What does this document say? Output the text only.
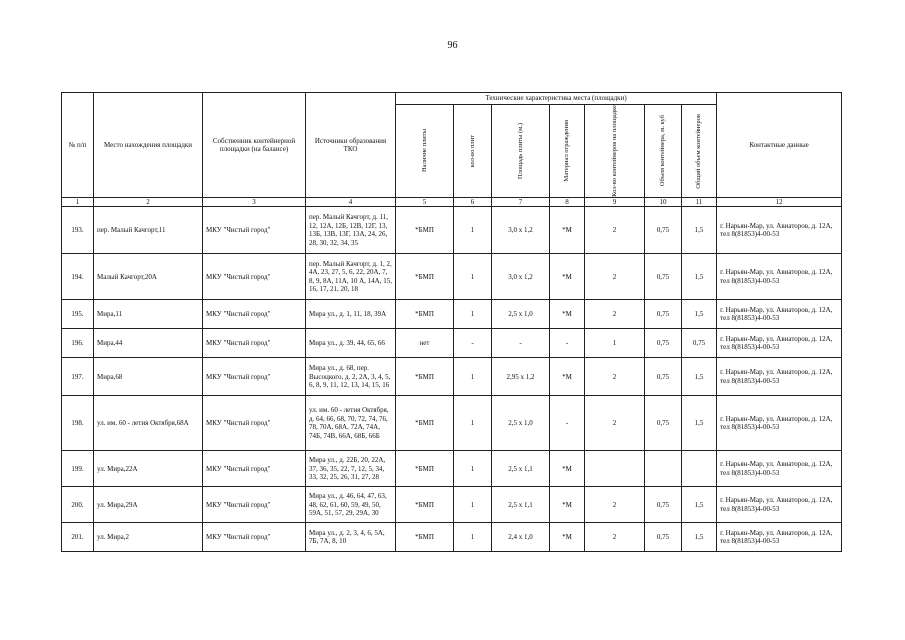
96
№ п/п	Место нахождения площадки	Собственник контейнерной площадки (на балансе)	Источники образования ТКО	Технические характеристика места (площадки)							Контактные данные

				Наличие плиты	кол-во плит	Площадь плиты (м.)	Материал ограждения	Кол-во контейнеров на площадке	Объем контейнера, м. куб	Общий объем контейнеров	

1	2	3	4	5	6	7	8	9	10	11	12
193.	пер. Малый Качгорт,11	МКУ "Чистый город"	пер. Малый Качгорт, д. 11, 12, 12А, 12Б, 12В, 12Г, 13, 13Б, 13В, 13Г, 13А, 24, 26, 28, 30, 32, 34, 35	*БМП	1	3,0 х 1,2	*М	2	0,75	1,5	г. Нарьян-Мар, ул. Авиаторов, д. 12А, тел 8(81853)4-00-53
194.	Малый Качгорт,20А	МКУ "Чистый город"	пер. Малый Качгорт, д. 1, 2, 4А, 23, 27, 5, 6, 22, 20А, 7, 8, 9, 8А, 11А, 10 А, 14А, 15, 16, 17, 21, 20, 18	*БМП	1	3,0 х 1,2	*М	2	0,75	1,5	г. Нарьян-Мар, ул. Авиаторов, д. 12А, тел 8(81853)4-00-53
195.	Мира,11	МКУ "Чистый город"	Мира ул., д. 1, 11, 18, 39А	*БМП	1	2,5 х 1,0	*М	2	0,75	1,5	г. Нарьян-Мар, ул. Авиаторов, д. 12А, тел 8(81853)4-00-53
196.	Мира,44	МКУ "Чистый город"	Мира ул., д. 39, 44, 65, 66	нет	-	-	-	1	0,75	0,75	г. Нарьян-Мар, ул. Авиаторов, д. 12А, тел 8(81853)4-00-53
197.	Мира,68	МКУ "Чистый город"	Мира ул., д. 68, пер. Высоцкого, д. 2, 2А, 3, 4, 5, 6, 8, 9, 11, 12, 13, 14, 15, 16	*БМП	1	2,95 х 1,2	*М	2	0,75	1,5	г. Нарьян-Мар, ул. Авиаторов, д. 12А, тел 8(81853)4-00-53
198.	ул. им. 60 - летия Октября,68А	МКУ "Чистый город"	ул. им. 60 - летия Октября, д. 64, 66, 68, 70, 72, 74, 76, 78, 70А, 68А, 72А, 74А, 74Б, 74В, 66А, 68Б, 66Б	*БМП	1	2,5 х 1,0	-	2	0,75	1,5	г. Нарьян-Мар, ул. Авиаторов, д. 12А, тел 8(81853)4-00-53
199.	ул. Мира,22А	МКУ "Чистый город"	Мира ул., д. 22Б, 20, 22А, 37, 36, 35, 22, 7, 12, 5, 34, 33, 32, 25, 26, 31, 27, 28	*БМП	1	2,5 х 1,1	*М				г. Нарьян-Мар, ул. Авиаторов, д. 12А, тел 8(81853)4-00-53
200.	ул. Мира,29А	МКУ "Чистый город"	Мира ул., д. 46, 64, 47, 63, 48, 62, 61, 60, 59, 49, 50, 59А, 51, 57, 29, 29А, 30	*БМП	1	2,5 х 1,1	*М	2	0,75	1,5	г. Нарьян-Мар, ул. Авиаторов, д. 12А, тел 8(81853)4-00-53
201.	ул. Мира,2	МКУ "Чистый город"	Мира ул., д. 2, 3, 4, 6, 5А, 7Б, 7А, 8, 10	*БМП	1	2,4 х 1,0	*М	2	0,75	1,5	г. Нарьян-Мар, ул. Авиаторов, д. 12А, тел 8(81853)4-00-53
